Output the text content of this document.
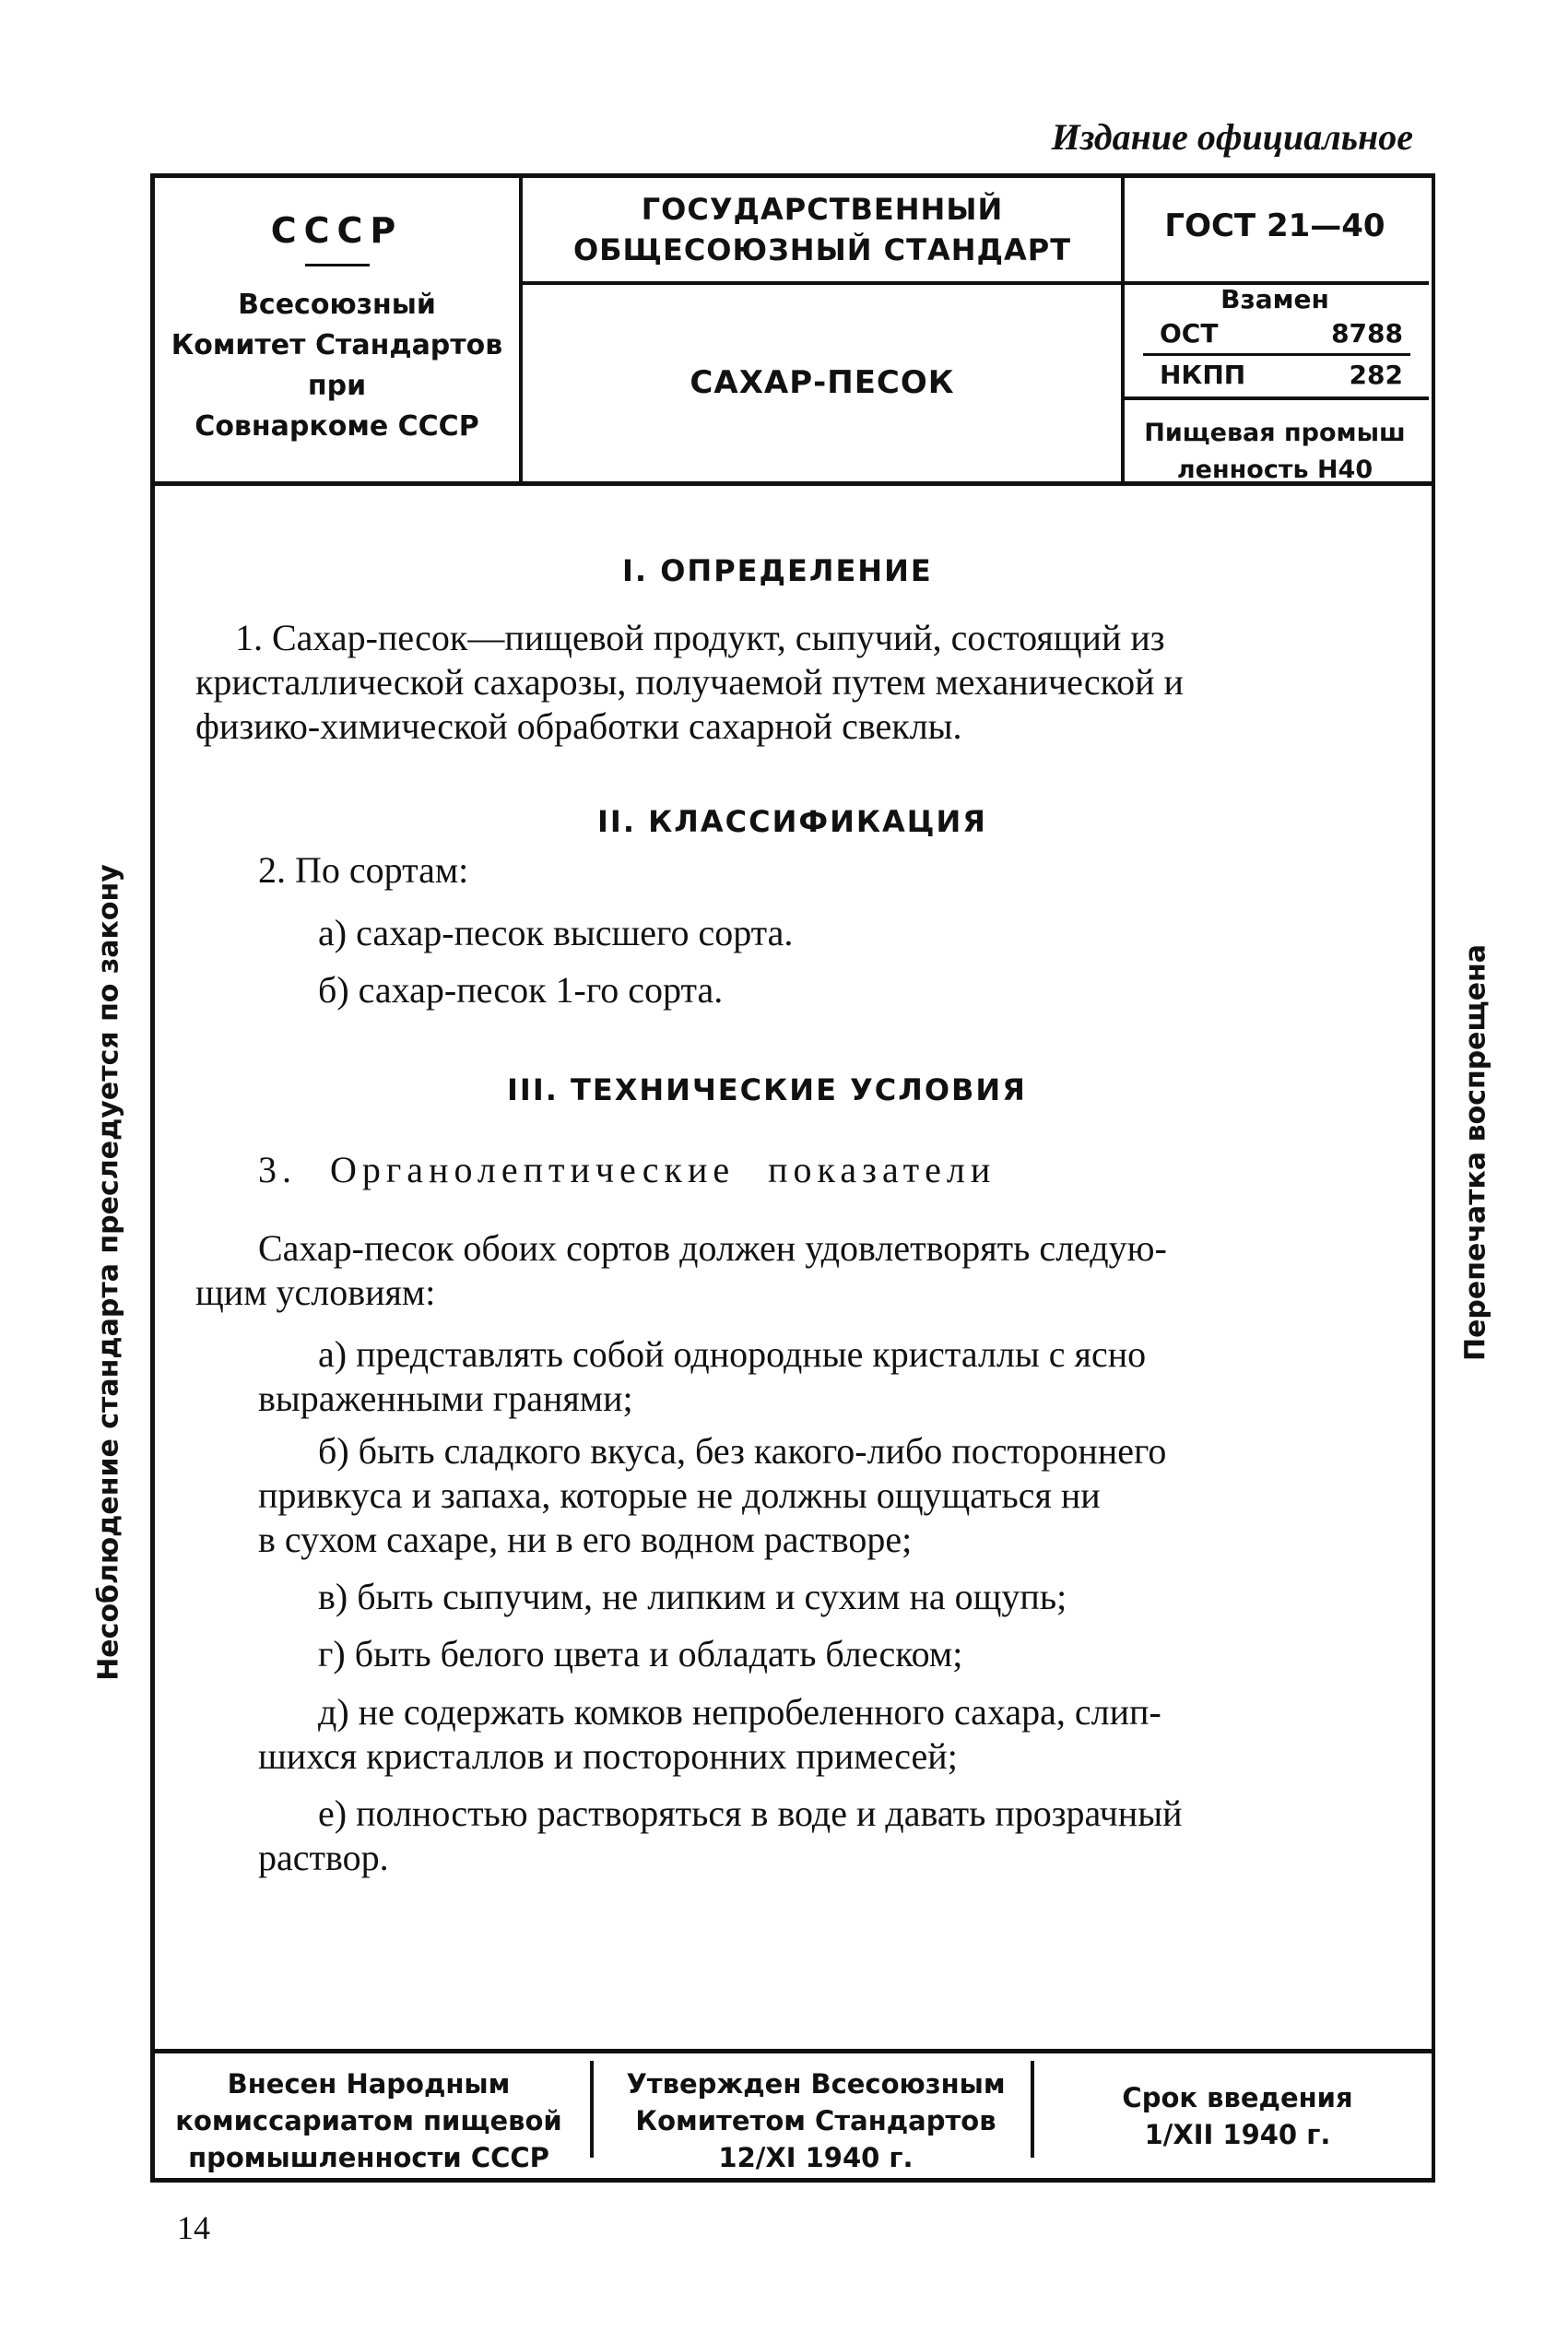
Издание официальное
СССР
Всесоюзный
Комитет Стандартов
при
Совнаркоме СССР
ГОСУДАРСТВЕННЫЙ
ОБЩЕСОЮЗНЫЙ СТАНДАРТ
САХАР-ПЕСОК
ГОСТ 21—40
Взамен
ОСТ	8788
НКПП	282
Пищевая промыш
ленность Н40
I. ОПРЕДЕЛЕНИЕ
1. Сахар-песок—пищевой продукт, сыпучий, состоящий из
кристаллической сахарозы, получаемой путем механической и
физико-химической обработки сахарной свеклы.
II. КЛАССИФИКАЦИЯ
2. По сортам:
а) сахар-песок высшего сорта.
б) сахар-песок 1-го сорта.
III. ТЕХНИЧЕСКИЕ УСЛОВИЯ
3. Органолептические показатели
Сахар-песок обоих сортов должен удовлетворять следую-
щим условиям:
а) представлять собой однородные кристаллы с ясно
выраженными гранями;
б) быть сладкого вкуса, без какого-либо постороннего
привкуса и запаха, которые не должны ощущаться ни
в сухом сахаре, ни в его водном растворе;
в) быть сыпучим, не липким и сухим на ощупь;
г) быть белого цвета и обладать блеском;
д) не содержать комков непробеленного сахара, слип-
шихся кристаллов и посторонних примесей;
е) полностью растворяться в воде и давать прозрачный
раствор.
Несоблюдение стандарта преследуется по закону	Перепечатка воспрещена
Внесен Народным
комиссариатом пищевой
промышленности СССР
Утвержден Всесоюзным
Комитетом Стандартов
12/XI 1940 г.
Срок введения
1/XII 1940 г.
14
